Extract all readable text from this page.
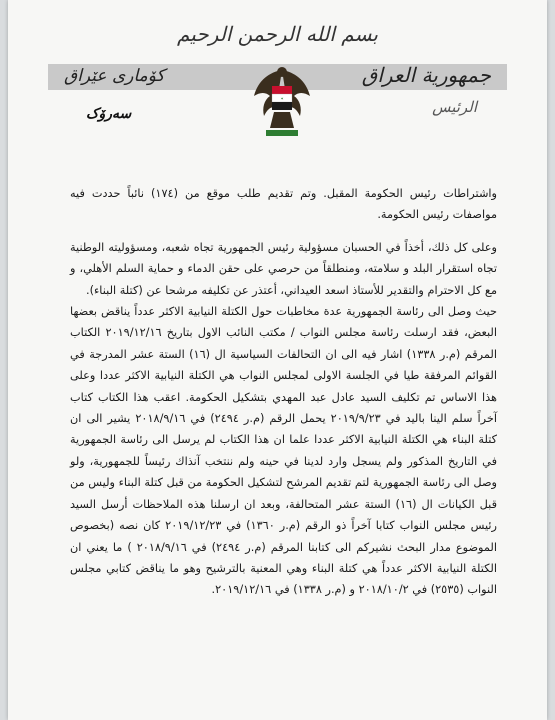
بسم الله الرحمن الرحيم
جمهورية العراق
كۆماری عێراق
الرئيس
سەرۆک
✶

واشتراطات رئيس الحكومة المقبل. وتم تقديم طلب موقع من (١٧٤) نائباً حددت فيه مواصفات رئيس الحكومة.

وعلى كل ذلك، أخذاً في الحسبان مسؤولية رئيس الجمهورية تجاه شعبه، ومسؤوليته الوطنية تجاه استقرار البلد و سلامته، ومنطلقاً من حرصي على حقن الدماء و حماية السلم الأهلي، و مع كل الاحترام والتقدير للأستاذ اسعد العيداني، أعتذر عن تكليفه مرشحا عن (كتلة البناء).

حيث وصل الى رئاسة الجمهورية عدة مخاطبات حول الكتلة النيابية الاكثر عدداً يناقض بعضها البعض، فقد ارسلت رئاسة مجلس النواب / مكتب النائب الاول بتاريخ ٢٠١٩/١٢/١٦ الكتاب المرقم (م.ر ١٣٣٨) اشار فيه الى ان التحالفات السياسية ال (١٦) الستة عشر المدرجة في القوائم المرفقة طيا في الجلسة الاولى لمجلس النواب هي الكتلة النيابية الاكثر عددا وعلى هذا الاساس تم تكليف السيد عادل عبد المهدي بتشكيل الحكومة. اعقب هذا الكتاب كتاب آخراً سلم الينا باليد في ٢٠١٩/٩/٢٣ يحمل الرقم (م.ر ٢٤٩٤) في ٢٠١٨/٩/١٦ يشير الى ان كتلة البناء هي الكتلة النيابية الاكثر عددا علما ان هذا الكتاب لم يرسل الى رئاسة الجمهورية في التاريخ المذكور ولم يسجل وارد لدينا في حينه ولم ننتخب آنذاك رئيساً للجمهورية، ولو وصل الى رئاسة الجمهورية لتم تقديم المرشح لتشكيل الحكومة من قبل كتلة البناء وليس من قبل الكيانات ال (١٦) الستة عشر المتحالفة، وبعد ان ارسلنا هذه الملاحظات أرسل السيد رئيس مجلس النواب كتابا آخراً ذو الرقم (م.ر ١٣٦٠) في ٢٠١٩/١٢/٢٣ كان نصه (بخصوص الموضوع مدار البحث نشيركم الى كتابنا المرقم (م.ر ٢٤٩٤) في ٢٠١٨/٩/١٦ ) ما يعني ان الكتلة النيابية الاكثر عدداً هي كتلة البناء وهي المعنية بالترشيح وهو ما يناقض كتابي مجلس النواب (٢٥٣٥) في ٢٠١٨/١٠/٢ و (م.ر ١٣٣٨) في ٢٠١٩/١٢/١٦.
